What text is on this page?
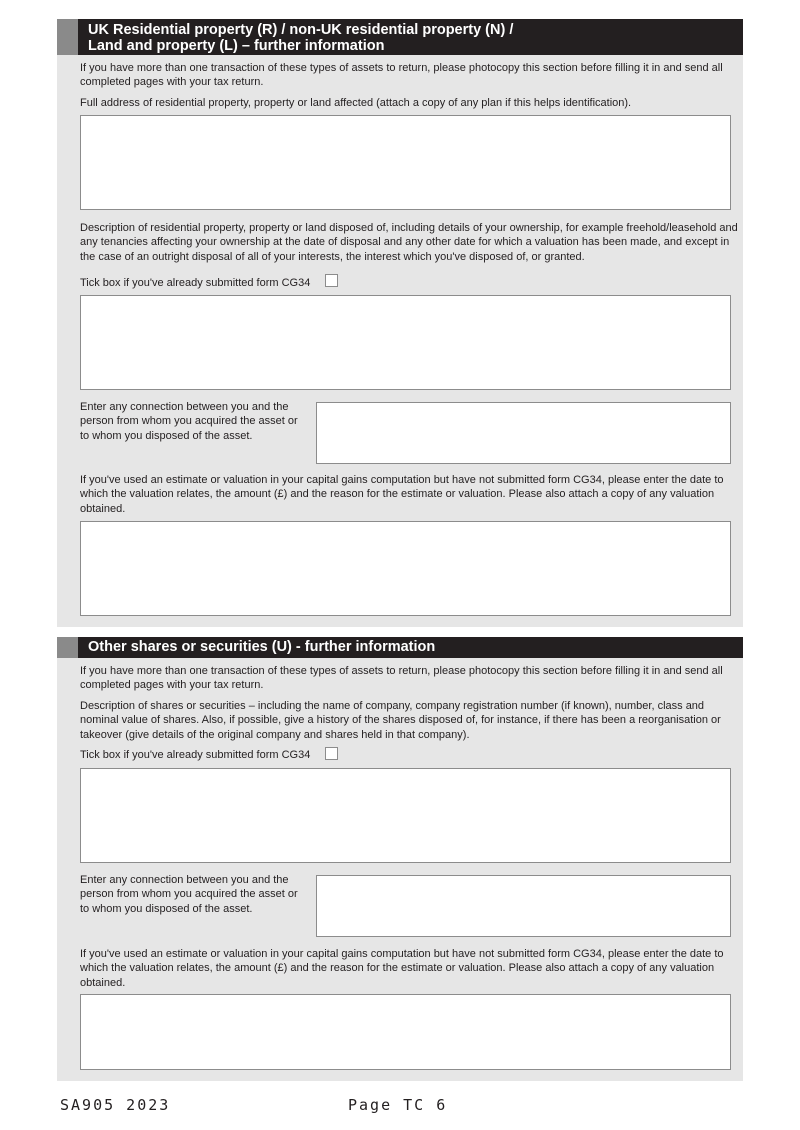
UK Residential property (R) / non-UK residential property (N) /
Land and property (L) – further information

If you have more than one transaction of these types of assets to return, please photocopy this section before filling it in and send all completed pages with your tax return.

Full address of residential property, property or land affected (attach a copy of any plan if this helps identification).

Description of residential property, property or land disposed of, including details of your ownership, for example freehold/leasehold and any tenancies affecting your ownership at the date of disposal and any other date for which a valuation has been made, and except in the case of an outright disposal of all of your interests, the interest which you've disposed of, or granted.

Tick box if you've already submitted form CG34

Enter any connection between you and the person from whom you acquired the asset or to whom you disposed of the asset.

If you've used an estimate or valuation in your capital gains computation but have not submitted form CG34, please enter the date to which the valuation relates, the amount (£) and the reason for the estimate or valuation. Please also attach a copy of any valuation obtained.

Other shares or securities (U) - further information

If you have more than one transaction of these types of assets to return, please photocopy this section before filling it in and send all completed pages with your tax return.

Description of shares or securities – including the name of company, company registration number (if known), number, class and nominal value of shares. Also, if possible, give a history of the shares disposed of, for instance, if there has been a reorganisation or takeover (give details of the original company and shares held in that company).

Tick box if you've already submitted form CG34

Enter any connection between you and the person from whom you acquired the asset or to whom you disposed of the asset.

If you've used an estimate or valuation in your capital gains computation but have not submitted form CG34, please enter the date to which the valuation relates, the amount (£) and the reason for the estimate or valuation. Please also attach a copy of any valuation obtained.

SA905 2023	Page TC 6
